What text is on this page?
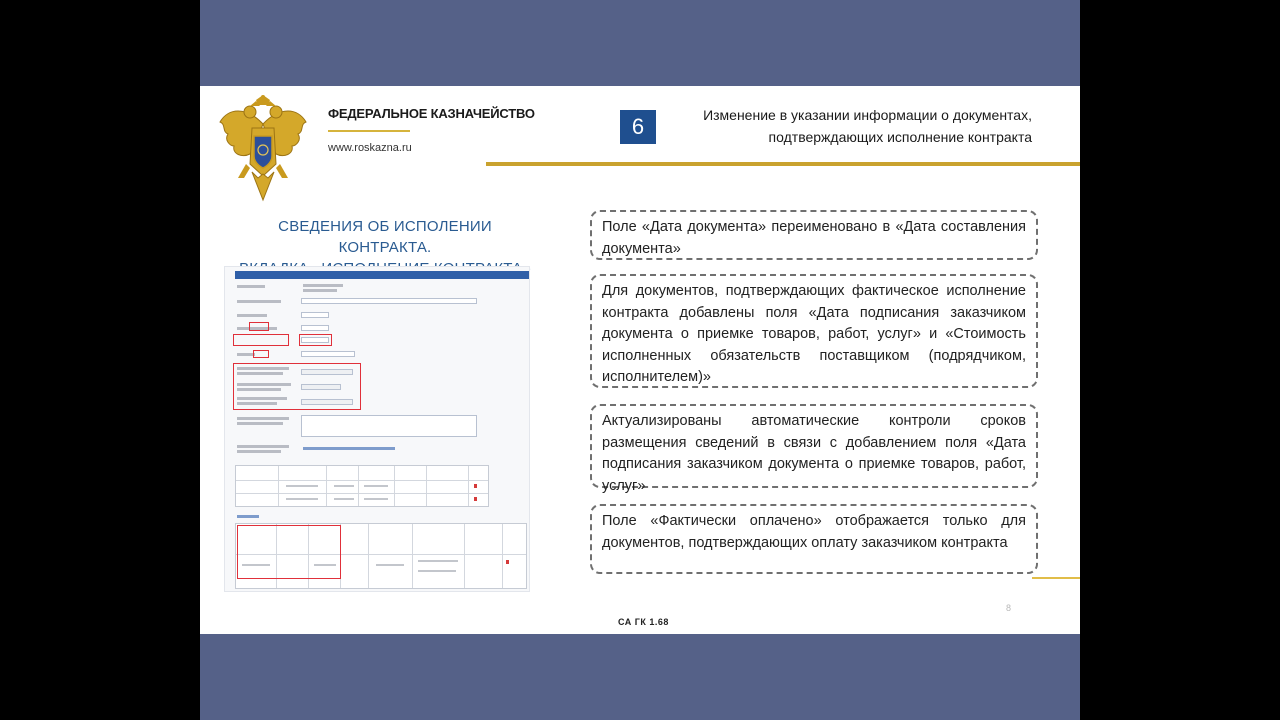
ФЕДЕРАЛЬНОЕ КАЗНАЧЕЙСТВО
www.roskazna.ru
6	Изменение в указании информации о документах,
подтверждающих исполнение контракта
СВЕДЕНИЯ ОБ ИСПОЛЕНИИ КОНТРАКТА.
Поле «Дата документа» переименовано в «Дата составления документа»
Для документов, подтверждающих фактическое исполнение контракта добавлены поля «Дата подписания заказчиком документа о приемке товаров, работ, услуг» и «Стоимость исполненных обязательств поставщиком (подрядчиком, исполнителем)»
Актуализированы автоматические контроли сроков размещения сведений в связи с добавлением поля «Дата подписания заказчиком документа о приемке товаров, работ, услуг»
Поле «Фактически оплачено» отображается только для документов, подтверждающих оплату заказчиком контракта
8
СА ГК 1.68
